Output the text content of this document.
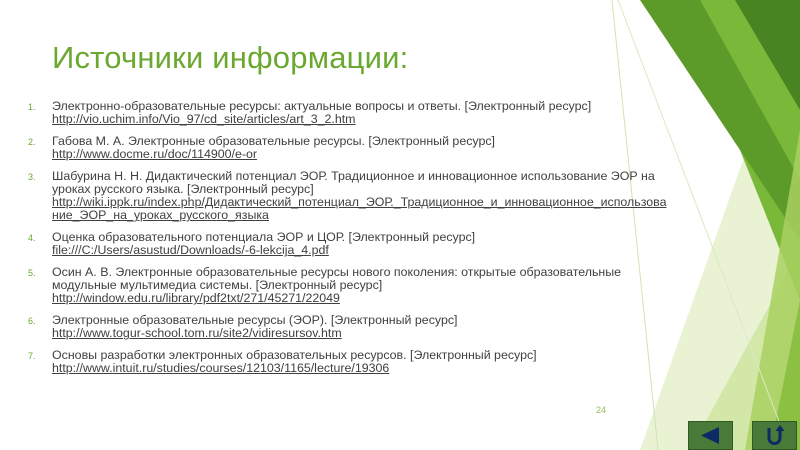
Источники информации:
1. Электронно-образовательные ресурсы: актуальные вопросы и ответы. [Электронный ресурс]
http://vio.uchim.info/Vio_97/cd_site/articles/art_3_2.htm
2. Габова М. А. Электронные образовательные ресурсы. [Электронный ресурс]
http://www.docme.ru/doc/114900/e-or
3. Шабурина Н. Н. Дидактический потенциал ЭОР. Традиционное и инновационное использование ЭОР на уроках русского языка. [Электронный ресурс]
http://wiki.ippk.ru/index.php/Дидактический_потенциал_ЭОР._Традиционное_и_инновационное_использование_ЭОР_на_уроках_русского_языка
4. Оценка образовательного потенциала ЭОР и ЦОР. [Электронный ресурс]
file:///C:/Users/asustud/Downloads/-6-lekcija_4.pdf
5. Осин А. В. Электронные образовательные ресурсы нового поколения: открытые образовательные модульные мультимедиа системы. [Электронный ресурс]
http://window.edu.ru/library/pdf2txt/271/45271/22049
6. Электронные образовательные ресурсы (ЭОР). [Электронный ресурс]
http://www.togur-school.tom.ru/site2/vidiresursov.htm
7. Основы разработки электронных образовательных ресурсов. [Электронный ресурс]
http://www.intuit.ru/studies/courses/12103/1165/lecture/19306
24
